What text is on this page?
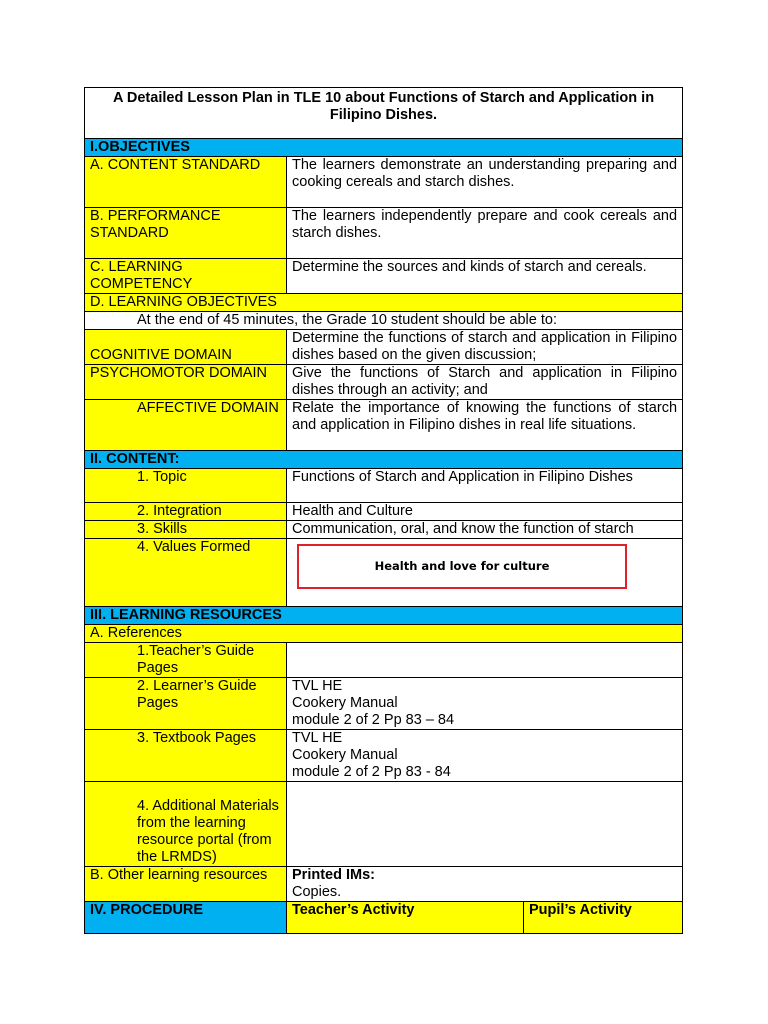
A Detailed Lesson Plan in TLE 10 about Functions of Starch and Application in Filipino Dishes.		
I.OBJECTIVES		
A. CONTENT STANDARD	The learners demonstrate an understanding preparing and cooking cereals and starch dishes.	
B. PERFORMANCE STANDARD	The learners independently prepare and cook cereals and starch dishes.	
C. LEARNING COMPETENCY	Determine the sources and kinds of starch and cereals.	
D. LEARNING OBJECTIVES		
At the end of 45 minutes, the Grade 10 student should be able to:		
COGNITIVE DOMAIN	Determine the functions of starch and application in Filipino dishes based on the given discussion;	
PSYCHOMOTOR DOMAIN	Give the functions of Starch and application in Filipino dishes through an activity; and	
AFFECTIVE DOMAIN	Relate the importance of knowing the functions of starch and application in Filipino dishes in real life situations.	
II. CONTENT:		
1. Topic	Functions of Starch and Application in Filipino Dishes	
2. Integration	Health and Culture	
3. Skills	Communication, oral, and know the function of starch	
4. Values Formed	Health and love for culture	

III. LEARNING RESOURCES		
A. References		
1.Teacher’s Guide Pages		
2. Learner’s Guide Pages	TVL HE
Cookery Manual
module 2 of 2 Pp 83 – 84	

3. Textbook Pages	TVL HE
Cookery Manual
module 2 of 2 Pp 83 - 84	

4. Additional Materials from the learning resource portal (from the LRMDS)		
B. Other learning resources	Printed IMs:
Copies.	

IV. PROCEDURE	Teacher’s Activity	Pupil’s Activity
